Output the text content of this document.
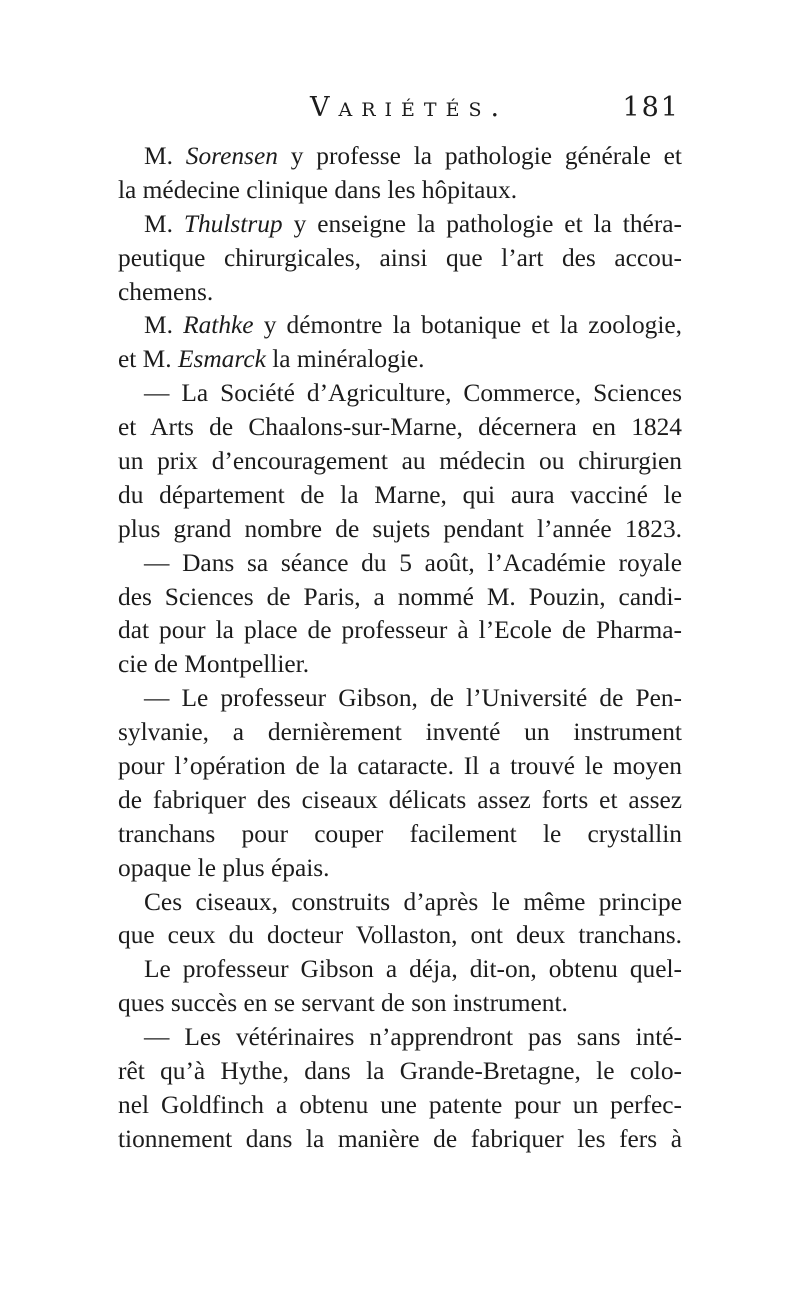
Variétés.	181
M. Sorensen y professe la pathologie générale et
la médecine clinique dans les hôpitaux.
M. Thulstrup y enseigne la pathologie et la théra-
peutique chirurgicales, ainsi que l’art des accou-
chemens.
M. Rathke y démontre la botanique et la zoologie,
et M. Esmarck la minéralogie.
— La Société d’Agriculture, Commerce, Sciences
et Arts de Chaalons-sur-Marne, décernera en 1824
un prix d’encouragement au médecin ou chirurgien
du département de la Marne, qui aura vacciné le
plus grand nombre de sujets pendant l’année 1823.
— Dans sa séance du 5 août, l’Académie royale
des Sciences de Paris, a nommé M. Pouzin, candi-
dat pour la place de professeur à l’Ecole de Pharma-
cie de Montpellier.
— Le professeur Gibson, de l’Université de Pen-
sylvanie, a dernièrement inventé un instrument
pour l’opération de la cataracte. Il a trouvé le moyen
de fabriquer des ciseaux délicats assez forts et assez
tranchans pour couper facilement le crystallin
opaque le plus épais.
Ces ciseaux, construits d’après le même principe
que ceux du docteur Vollaston, ont deux tranchans.
Le professeur Gibson a déja, dit-on, obtenu quel-
ques succès en se servant de son instrument.
— Les vétérinaires n’apprendront pas sans inté-
rêt qu’à Hythe, dans la Grande-Bretagne, le colo-
nel Goldfinch a obtenu une patente pour un perfec-
tionnement dans la manière de fabriquer les fers à
